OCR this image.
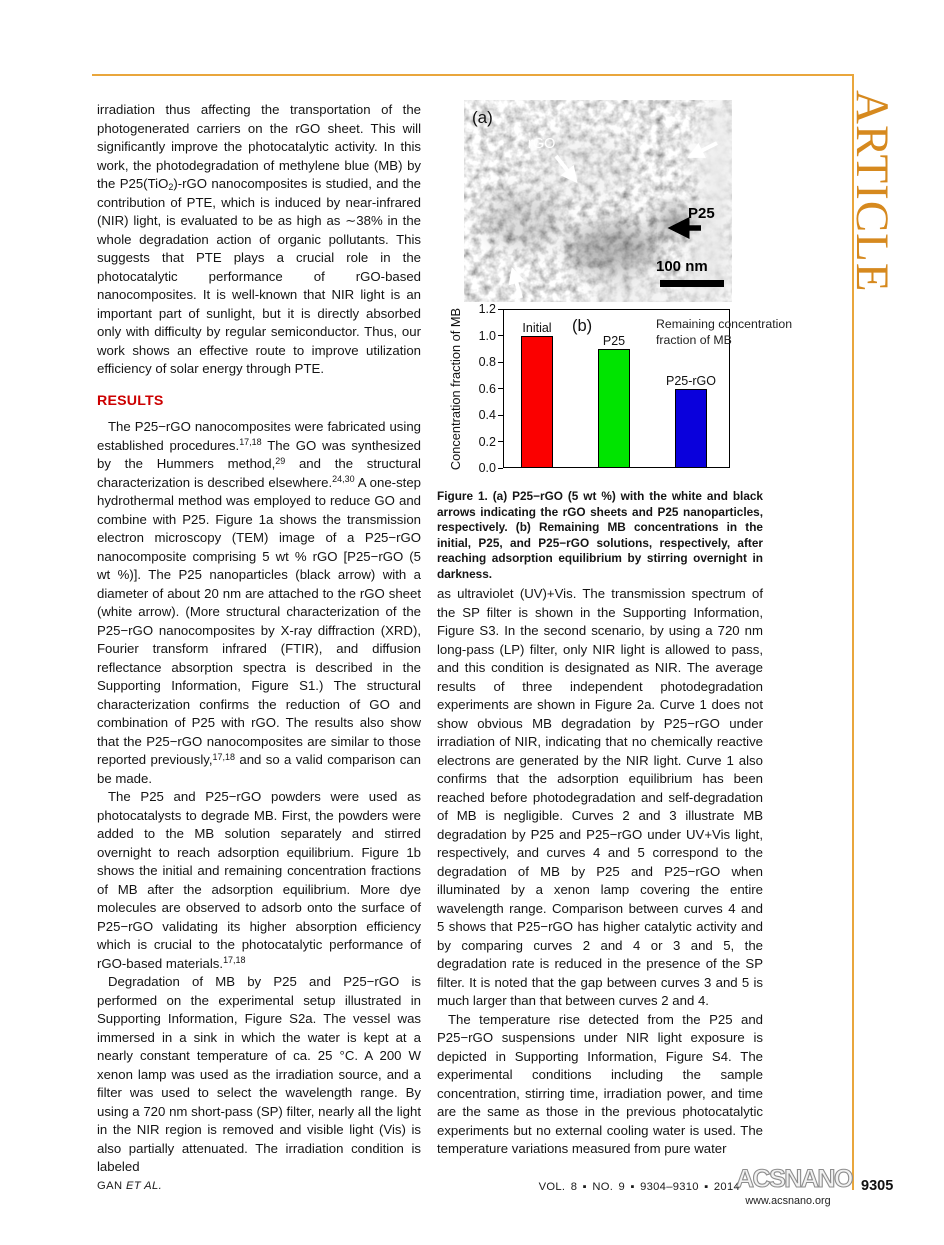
ARTICLE

irradiation thus affecting the transportation of the photogenerated carriers on the rGO sheet. This will significantly improve the photocatalytic activity. In this work, the photodegradation of methylene blue (MB) by the P25(TiO$_2$)-rGO nanocomposites is studied, and the contribution of PTE, which is induced by near-infrared (NIR) light, is evaluated to be as high as ∼38% in the whole degradation action of organic pollutants. This suggests that PTE plays a crucial role in the photocatalytic performance of rGO-based nanocomposites. It is well-known that NIR light is an important part of sunlight, but it is directly absorbed only with difficulty by regular semiconductor. Thus, our work shows an effective route to improve utilization efficiency of solar energy through PTE.

RESULTS

The P25−rGO nanocomposites were fabricated using established procedures.$^{17,18}$ The GO was synthesized by the Hummers method,$^{29}$ and the structural characterization is described elsewhere.$^{24,30}$ A one-step hydrothermal method was employed to reduce GO and combine with P25. Figure 1a shows the transmission electron microscopy (TEM) image of a P25−rGO nanocomposite comprising 5 wt % rGO [P25−rGO (5 wt %)]. The P25 nanoparticles (black arrow) with a diameter of about 20 nm are attached to the rGO sheet (white arrow). (More structural characterization of the P25−rGO nanocomposites by X-ray diffraction (XRD), Fourier transform infrared (FTIR), and diffusion reflectance absorption spectra is described in the Supporting Information, Figure S1.) The structural characterization confirms the reduction of GO and combination of P25 with rGO. The results also show that the P25−rGO nanocomposites are similar to those reported previously,$^{17,18}$ and so a valid comparison can be made.

The P25 and P25−rGO powders were used as photocatalysts to degrade MB. First, the powders were added to the MB solution separately and stirred overnight to reach adsorption equilibrium. Figure 1b shows the initial and remaining concentration fractions of MB after the adsorption equilibrium. More dye molecules are observed to adsorb onto the surface of P25−rGO validating its higher absorption efficiency which is crucial to the photocatalytic performance of rGO-based materials.$^{17,18}$

Degradation of MB by P25 and P25−rGO is performed on the experimental setup illustrated in Supporting Information, Figure S2a. The vessel was immersed in a sink in which the water is kept at a nearly constant temperature of ca. 25 °C. A 200 W xenon lamp was used as the irradiation source, and a filter was used to select the wavelength range. By using a 720 nm short-pass (SP) filter, nearly all the light in the NIR region is removed and visible light (Vis) is also partially attenuated. The irradiation condition is labeled

(a)
rGO
P25
100 nm
Concentration fraction of MB	0.0
0.2
0.4
0.6
0.8
1.0
1.2
(b)	Remaining concentration
fraction of MB
Initial
P25
P25-rGO
Figure 1. (a) P25−rGO (5 wt %) with the white and black arrows indicating the rGO sheets and P25 nanoparticles, respectively. (b) Remaining MB concentrations in the initial, P25, and P25−rGO solutions, respectively, after reaching adsorption equilibrium by stirring overnight in darkness.

as ultraviolet (UV)+Vis. The transmission spectrum of the SP filter is shown in the Supporting Information, Figure S3. In the second scenario, by using a 720 nm long-pass (LP) filter, only NIR light is allowed to pass, and this condition is designated as NIR. The average results of three independent photodegradation experiments are shown in Figure 2a. Curve 1 does not show obvious MB degradation by P25−rGO under irradiation of NIR, indicating that no chemically reactive electrons are generated by the NIR light. Curve 1 also confirms that the adsorption equilibrium has been reached before photodegradation and self-degradation of MB is negligible. Curves 2 and 3 illustrate MB degradation by P25 and P25−rGO under UV+Vis light, respectively, and curves 4 and 5 correspond to the degradation of MB by P25 and P25−rGO when illuminated by a xenon lamp covering the entire wavelength range. Comparison between curves 4 and 5 shows that P25−rGO has higher catalytic activity and by comparing curves 2 and 4 or 3 and 5, the degradation rate is reduced in the presence of the SP filter. It is noted that the gap between curves 3 and 5 is much larger than that between curves 2 and 4.

The temperature rise detected from the P25 and P25−rGO suspensions under NIR light exposure is depicted in Supporting Information, Figure S4. The experimental conditions including the sample concentration, stirring time, irradiation power, and time are the same as those in the previous photocatalytic experiments but no external cooling water is used. The temperature variations measured from pure water

GAN ET AL.	VOL. 8 ▪ NO. 9 ▪ 9304–9310 ▪ 2014
ACSNANO
www.acsnano.org
9305
